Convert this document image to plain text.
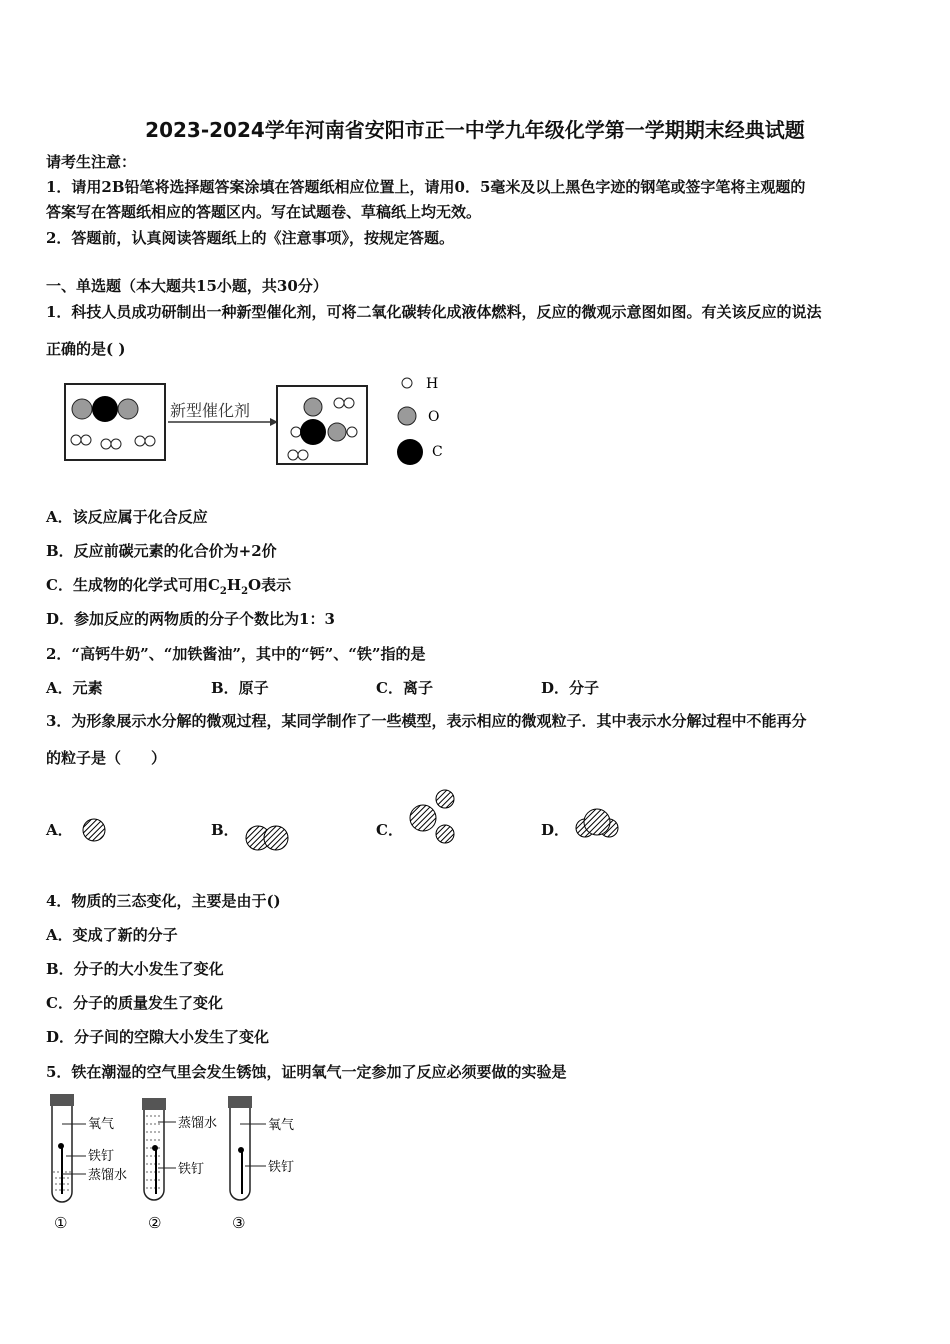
2023-2024学年河南省安阳市正一中学九年级化学第一学期期末经典试题
请考生注意：
1．请用2B铅笔将选择题答案涂填在答题纸相应位置上，请用0．5毫米及以上黑色字迹的钢笔或签字笔将主观题的
答案写在答题纸相应的答题区内。写在试题卷、草稿纸上均无效。
2．答题前，认真阅读答题纸上的《注意事项》，按规定答题。
一、单选题（本大题共15小题，共30分）
1．科技人员成功研制出一种新型催化剂，可将二氧化碳转化成液体燃料，反应的微观示意图如图。有关该反应的说法
正确的是( )
新型催化剂
H
O
C
A．该反应属于化合反应
B．反应前碳元素的化合价为+2价
C．生成物的化学式可用$C_2H_2O$表示
D．参加反应的两物质的分子个数比为1：3
2．“高钙牛奶”、“加铁酱油”，其中的“钙”、“铁”指的是
A．元素	B．原子	C．离子	D．分子
3．为形象展示水分解的微观过程，某同学制作了一些模型，表示相应的微观粒子．其中表示水分解过程中不能再分
的粒子是（　　）
A．	B．	C．	D．
4．物质的三态变化，主要是由于()
A．变成了新的分子
B．分子的大小发生了变化
C．分子的质量发生了变化
D．分子间的空隙大小发生了变化
5．铁在潮湿的空气里会发生锈蚀，证明氧气一定参加了反应必须要做的实验是
氧气
铁钉
蒸馏水
①
蒸馏水
铁钉
②
氧气
铁钉
③
